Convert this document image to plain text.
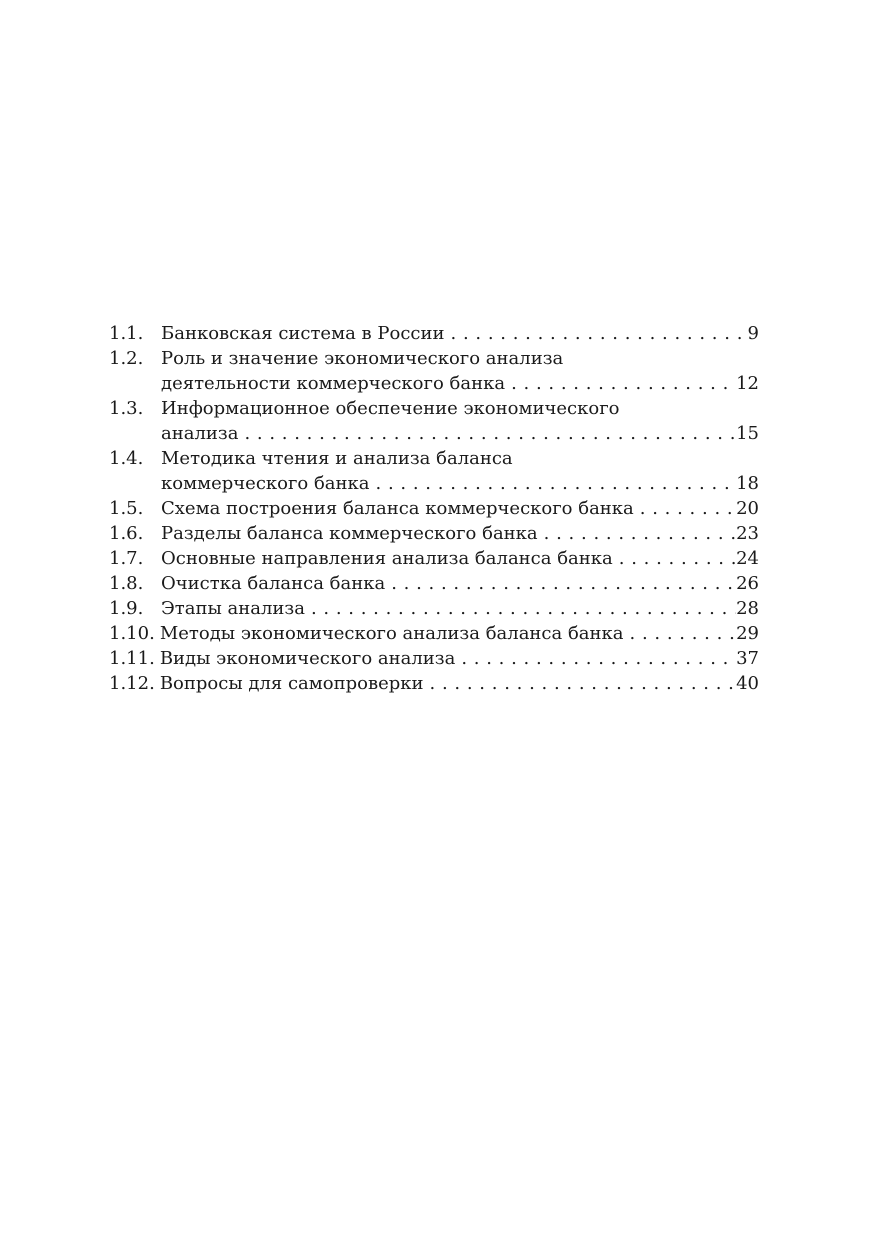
1.1. Банковская система в России . . .	9
1.2. Роль и значение экономического анализа
деятельности коммерческого банка . . .	12
1.3. Информационное обеспечение экономического
анализа . . .	15
1.4. Методика чтения и анализа баланса
коммерческого банка . . .	18
1.5. Схема построения баланса коммерческого банка . . .	20
1.6. Разделы баланса коммерческого банка . . .	23
1.7. Основные направления анализа баланса банка . . .	24
1.8. Очистка баланса банка . . .	26
1.9. Этапы анализа . . .	28
1.10. Методы экономического анализа баланса банка . . .	29
1.11. Виды экономического анализа . . .	37
1.12. Вопросы для самопроверки . . .	40
